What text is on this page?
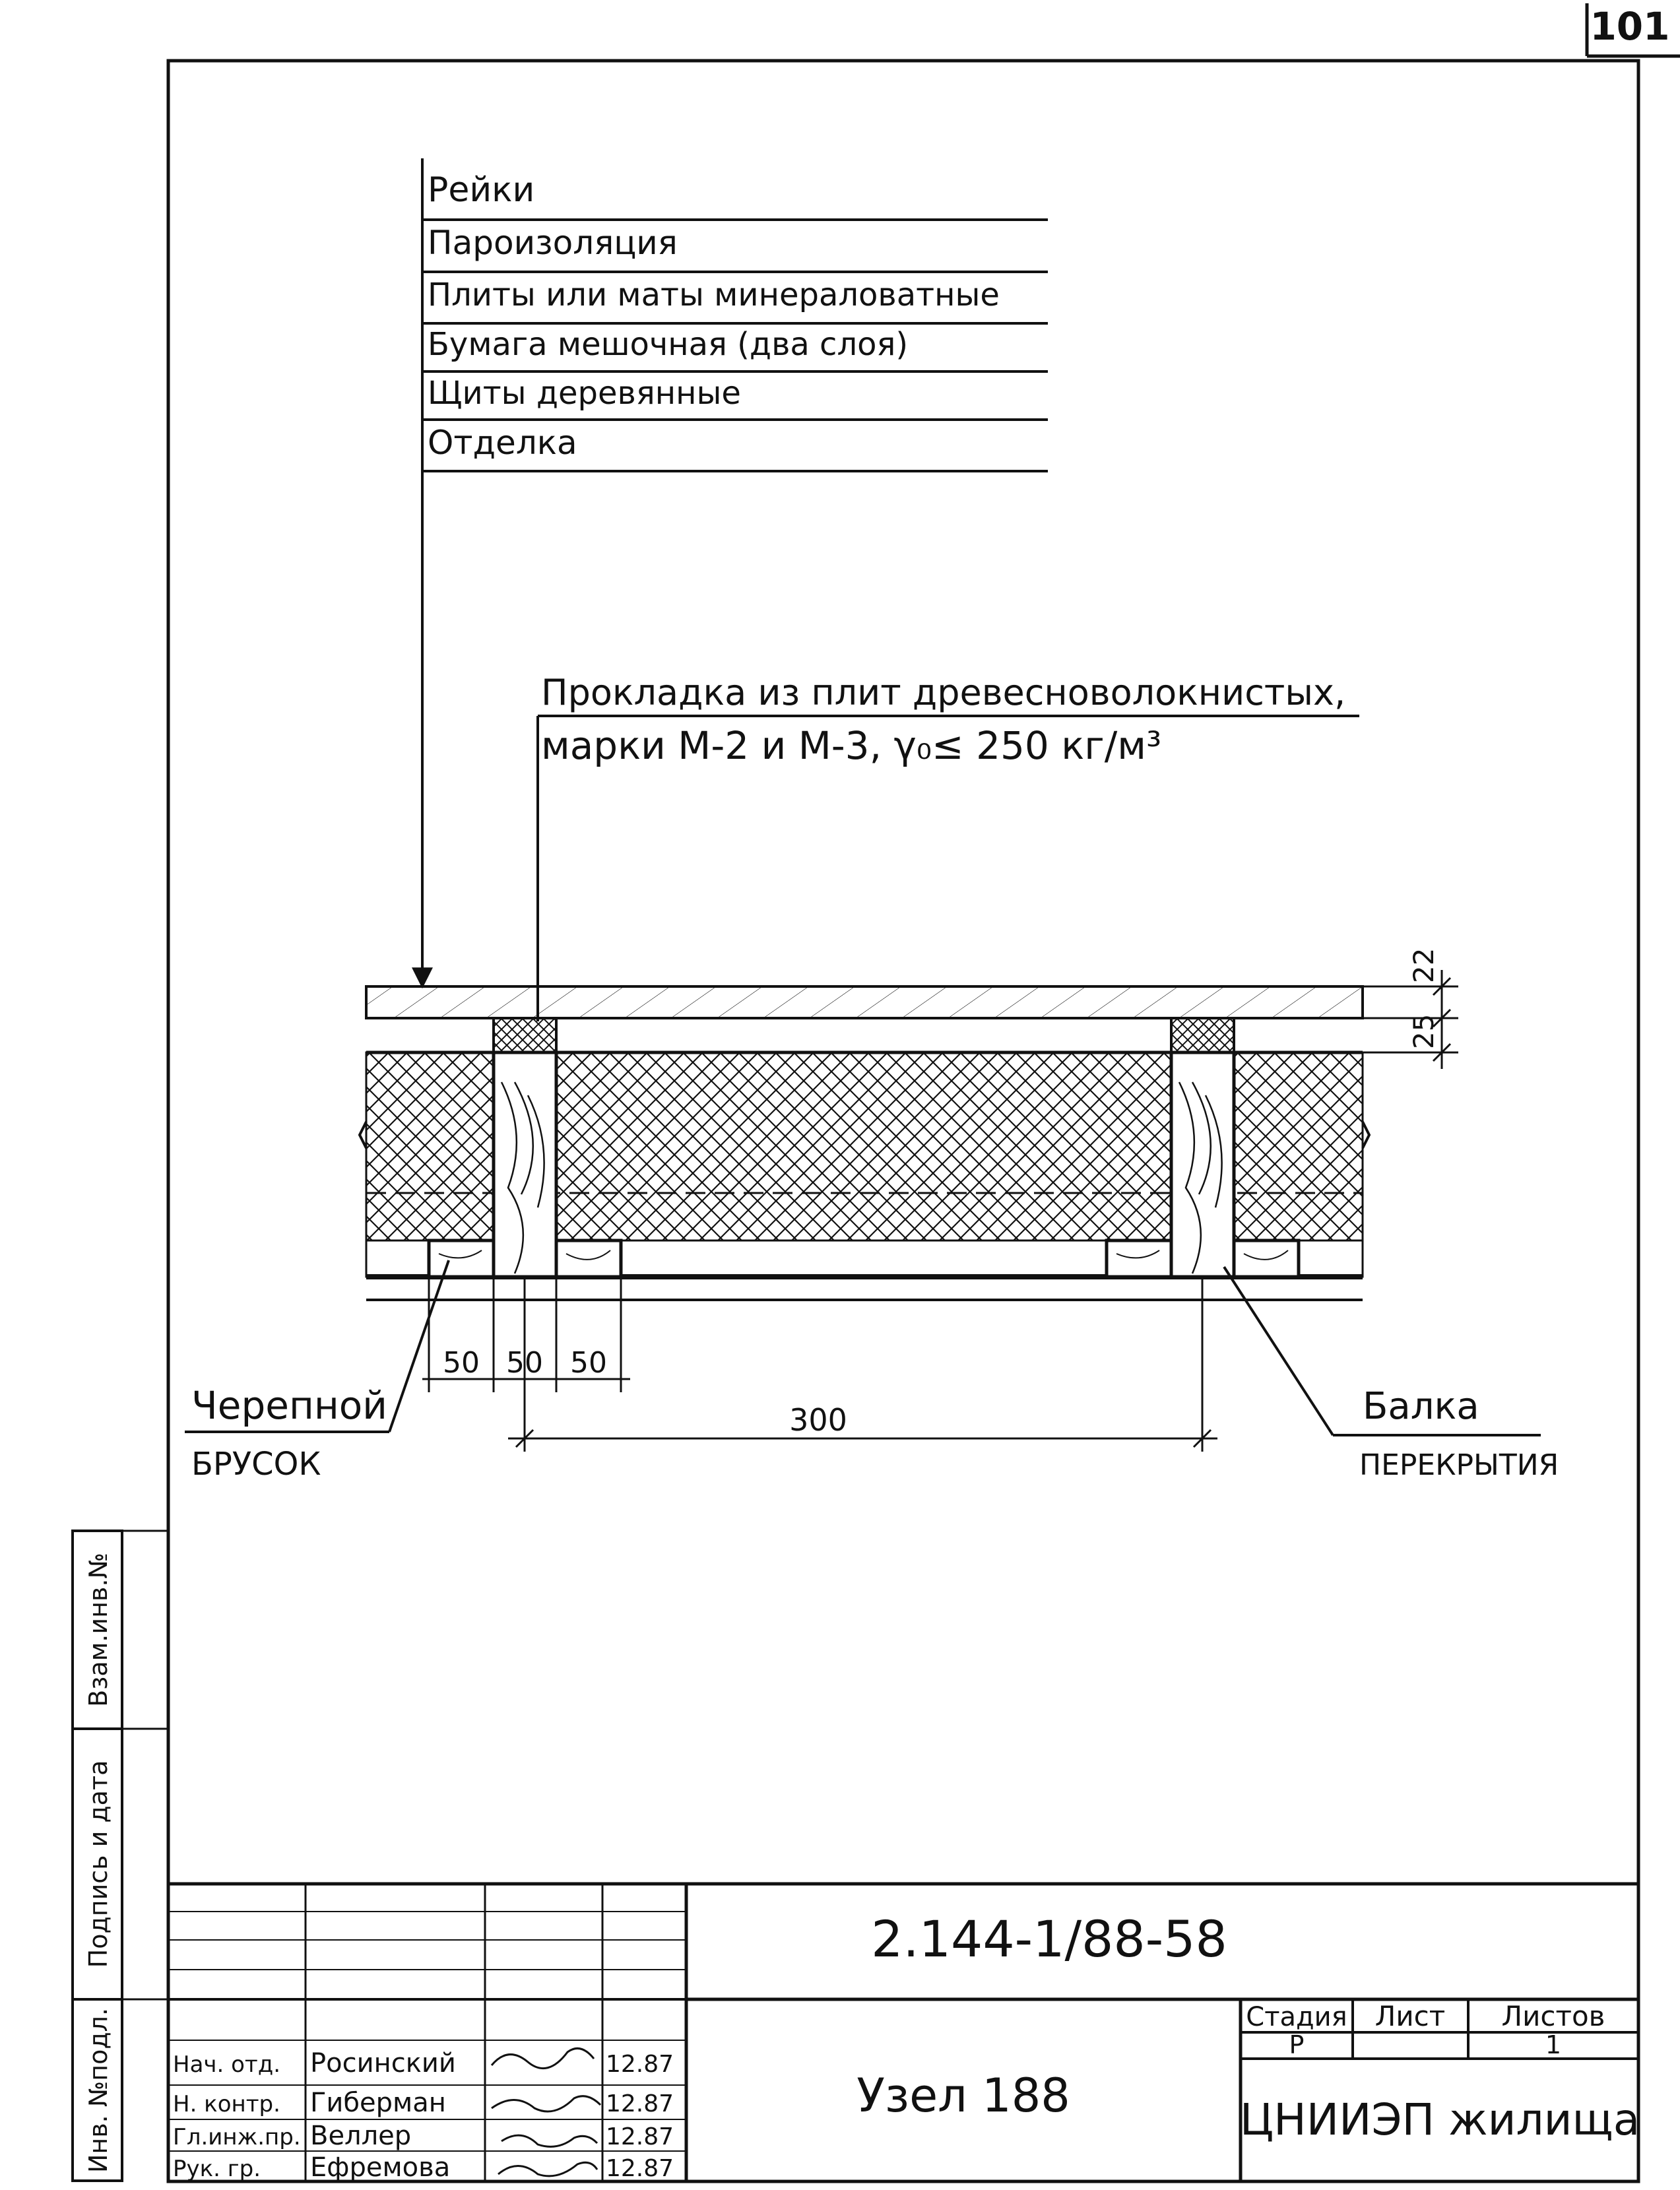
101
Рейки
Пароизоляция
Плиты или маты минераловатные
Бумага мешочная (два слоя)
Щиты деревянные
Отделка
Прокладка из плит древесноволокнистых,
марки М-2 и М-3, γ₀≤ 250 кг/м³
22
25
50 50 50
300
Черепной
БРУСОК
Балка
ПЕРЕКРЫТИЯ
Взам.инв.№
Подпись и дата
Инв. №подл.	Нач. отд. Росинский	12.87
Н. контр. Гиберман	12.87
Гл.инж.пр. Веллер	12.87
Рук. гр. Ефремова	12.87
2.144-1/88-58
Узел 188
Стадия Лист Листов
Р	1
ЦНИИЭП жилища
